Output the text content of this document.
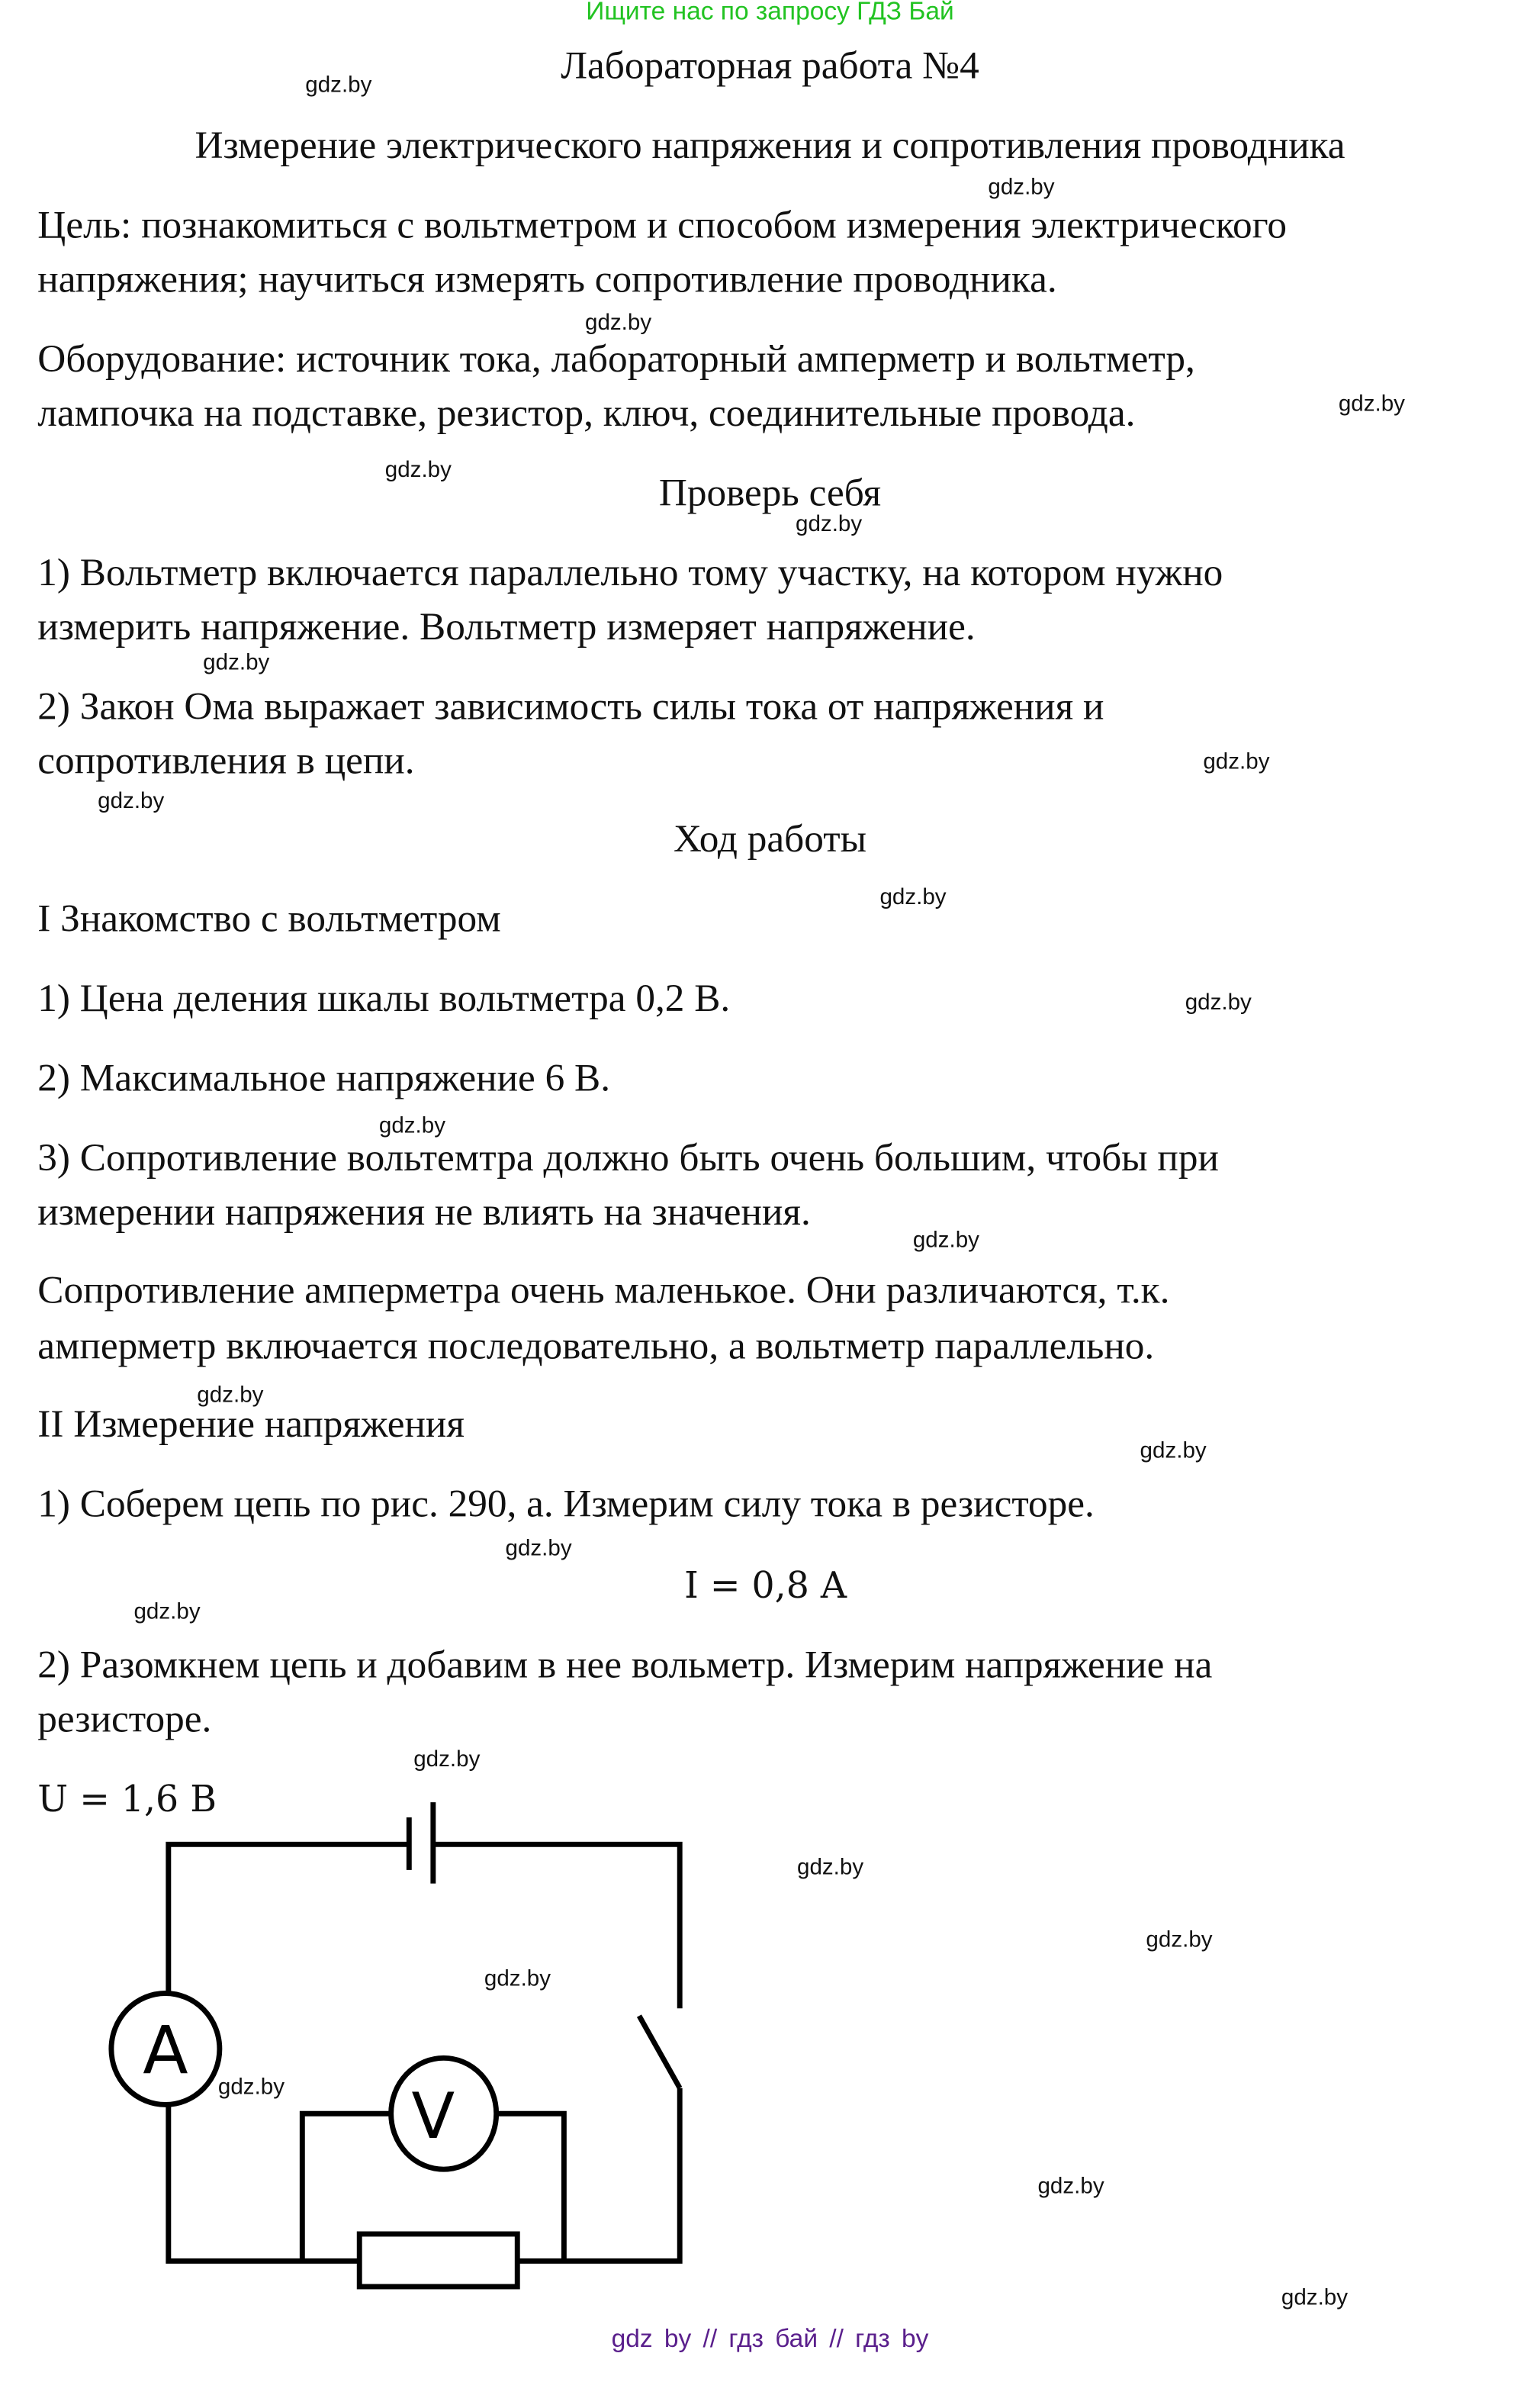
Ищите нас по запросу ГДЗ Бай
Лабораторная работа №4
Измерение электрического напряжения и сопротивления проводника
Цель: познакомиться с вольтметром и способом измерения электрического
напряжения; научиться измерять сопротивление проводника.
Оборудование: источник тока, лабораторный амперметр и вольтметр,
лампочка на подставке, резистор, ключ, соединительные провода.
Проверь себя
1) Вольтметр включается параллельно тому участку, на котором нужно
измерить напряжение. Вольтметр измеряет напряжение.
2) Закон Ома выражает зависимость силы тока от напряжения и
сопротивления в цепи.
Ход работы
I Знакомство с вольтметром
1) Цена деления шкалы вольтметра 0,2 В.
2) Максимальное напряжение 6 В.
3) Сопротивление вольтемтра должно быть очень большим, чтобы при
измерении напряжения не влиять на значения.
Сопротивление амперметра очень маленькое. Они различаются, т.к.
амперметр включается последовательно, а вольтметр параллельно.
II Измерение напряжения
1) Соберем цепь по рис. 290, а. Измерим силу тока в резисторе.
I = 0,8 A
2) Разомкнем цепь и добавим в нее вольметр. Измерим напряжение на
резисторе.
U = 1,6 B
A
V
gdz.by
gdz.by
gdz.by
gdz.by
gdz.by
gdz.by
gdz.by
gdz.by
gdz.by
gdz.by
gdz.by
gdz.by
gdz.by
gdz.by
gdz.by
gdz.by
gdz.by
gdz.by
gdz.by
gdz.by
gdz.by
gdz.by
gdz.by
gdz.by
gdz by // гдз бай // гдз by
